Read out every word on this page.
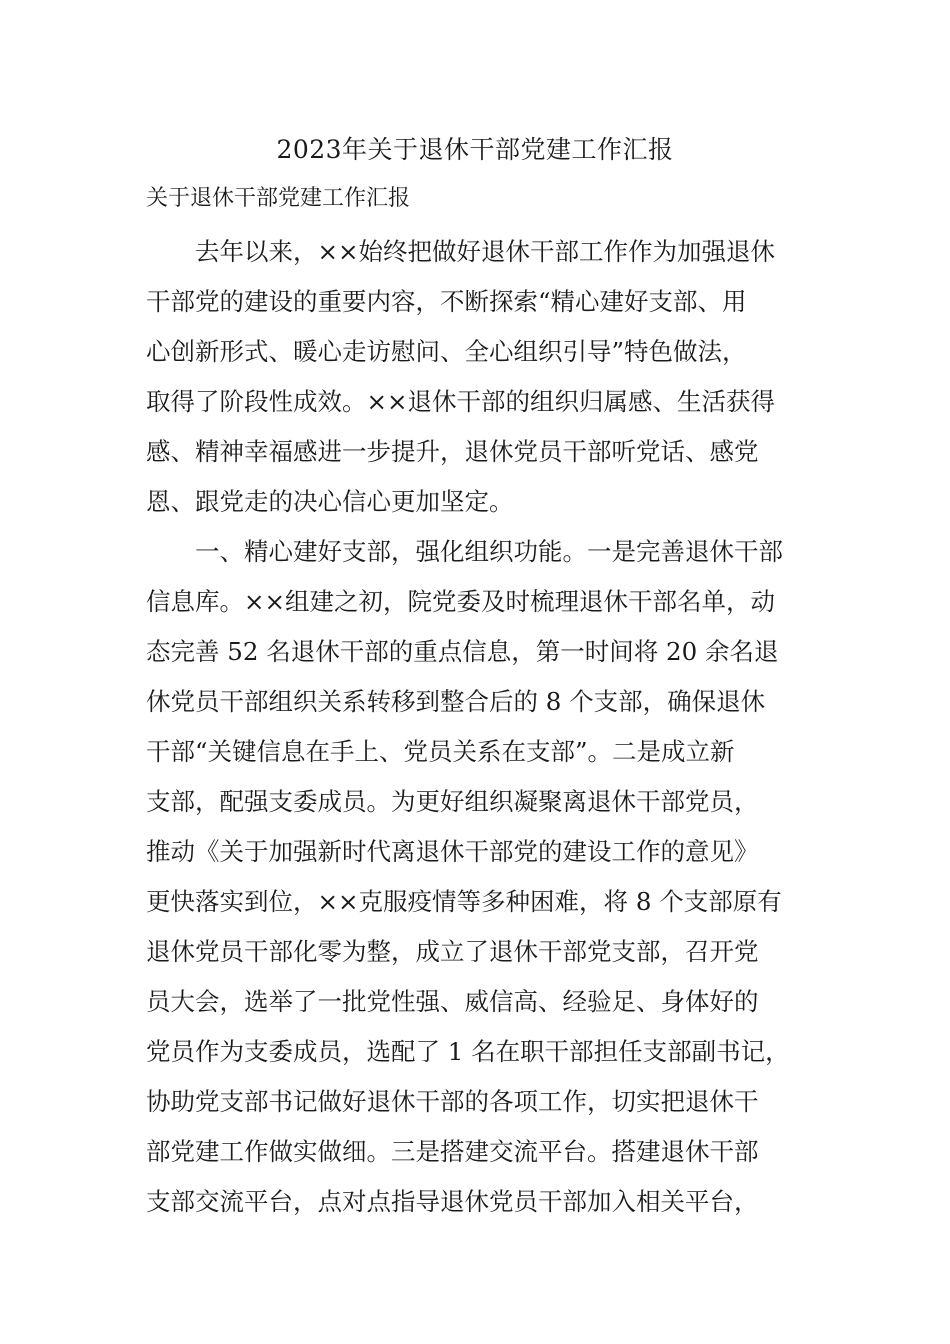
2023年关于退休干部党建工作汇报
关于退休干部党建工作汇报
　　去年以来，××始终把做好退休干部工作作为加强退休
干部党的建设的重要内容，不断探索“精心建好支部、用
心创新形式、暖心走访慰问、全心组织引导”特色做法，
取得了阶段性成效。××退休干部的组织归属感、生活获得
感、精神幸福感进一步提升，退休党员干部听党话、感党
恩、跟党走的决心信心更加坚定。
　　一、精心建好支部，强化组织功能。一是完善退休干部
信息库。××组建之初，院党委及时梳理退休干部名单，动
态完善 52 名退休干部的重点信息，第一时间将 20 余名退
休党员干部组织关系转移到整合后的 8 个支部，确保退休
干部“关键信息在手上、党员关系在支部”。二是成立新
支部，配强支委成员。为更好组织凝聚离退休干部党员，
推动《关于加强新时代离退休干部党的建设工作的意见》
更快落实到位，××克服疫情等多种困难，将 8 个支部原有
退休党员干部化零为整，成立了退休干部党支部，召开党
员大会，选举了一批党性强、威信高、经验足、身体好的
党员作为支委成员，选配了 1 名在职干部担任支部副书记，
协助党支部书记做好退休干部的各项工作，切实把退休干
部党建工作做实做细。三是搭建交流平台。搭建退休干部
支部交流平台，点对点指导退休党员干部加入相关平台，
